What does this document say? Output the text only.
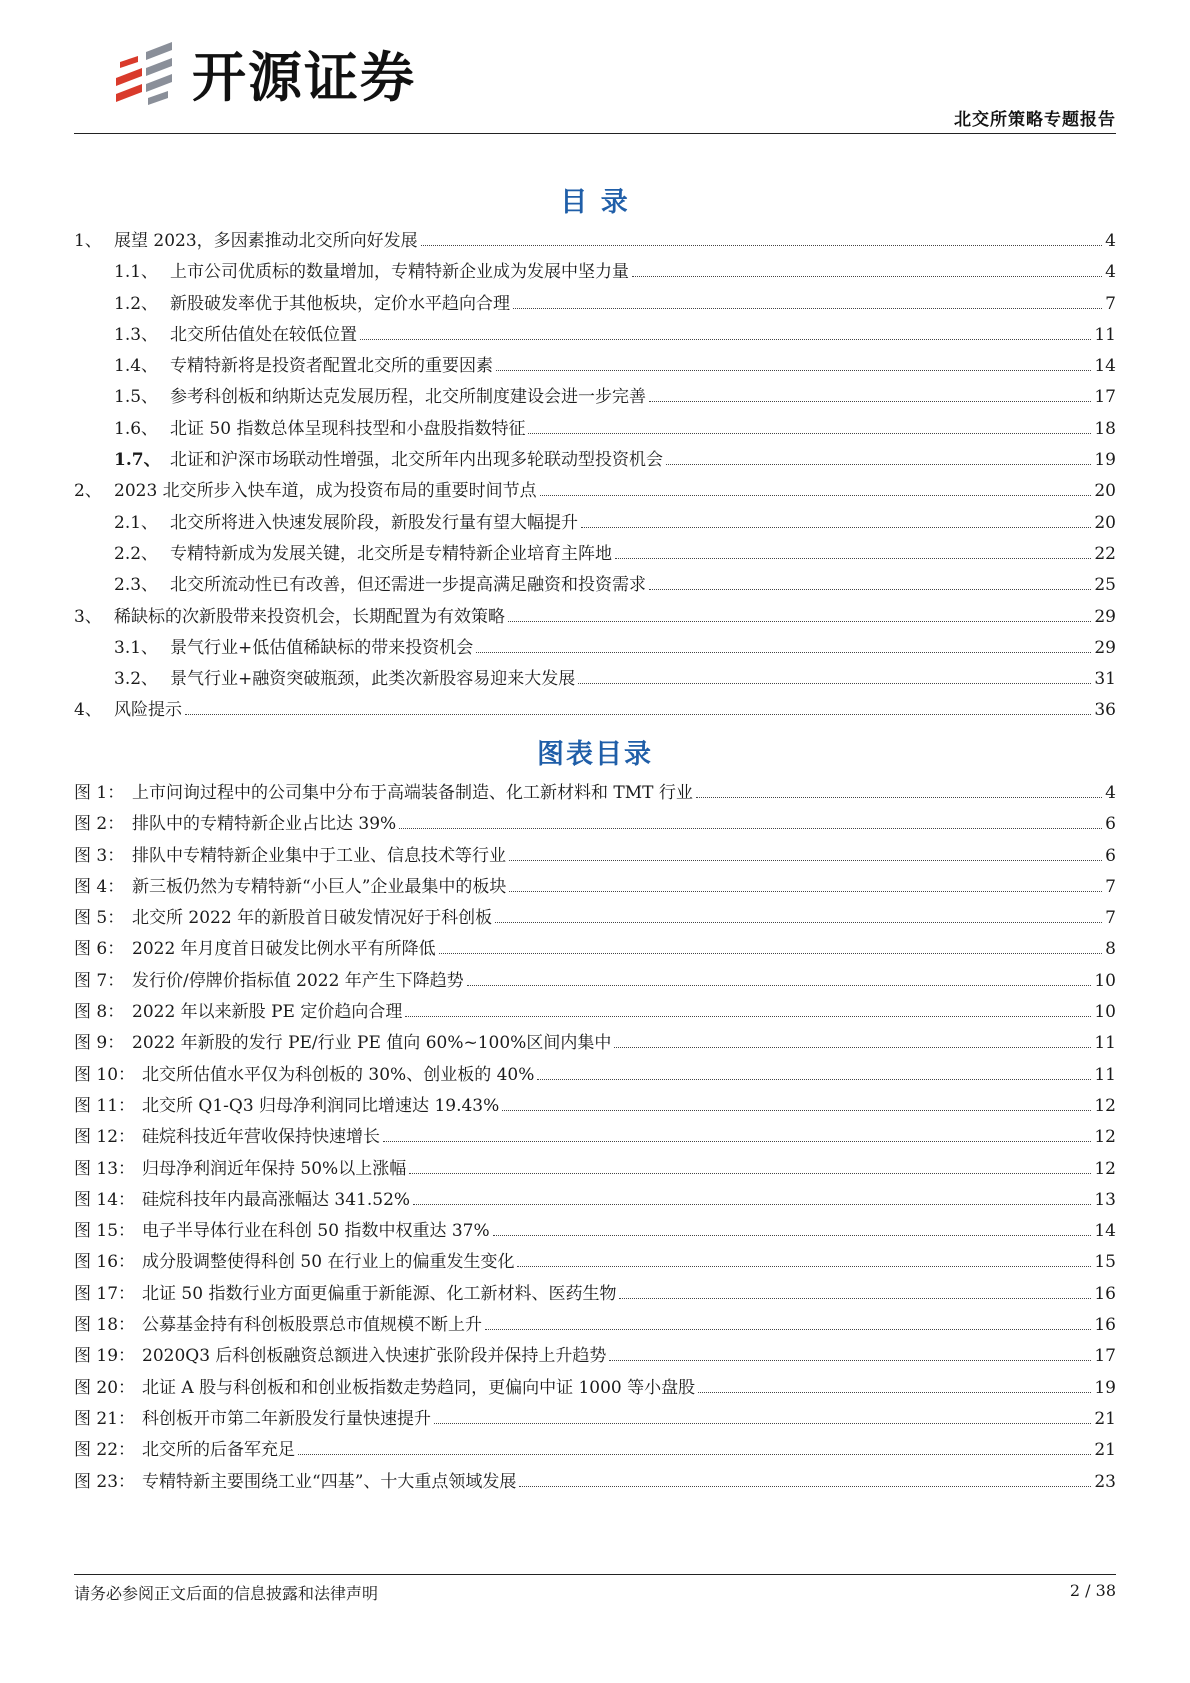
开源证券
北交所策略专题报告
目 录
1、 展望 2023，多因素推动北交所向好发展	4
1.1、 上市公司优质标的数量增加，专精特新企业成为发展中坚力量	4
1.2、 新股破发率优于其他板块，定价水平趋向合理	7
1.3、 北交所估值处在较低位置	11
1.4、 专精特新将是投资者配置北交所的重要因素	14
1.5、 参考科创板和纳斯达克发展历程，北交所制度建设会进一步完善	17
1.6、 北证 50 指数总体呈现科技型和小盘股指数特征	18
1.7、 北证和沪深市场联动性增强，北交所年内出现多轮联动型投资机会	19
2、 2023 北交所步入快车道，成为投资布局的重要时间节点	20
2.1、 北交所将进入快速发展阶段，新股发行量有望大幅提升	20
2.2、 专精特新成为发展关键，北交所是专精特新企业培育主阵地	22
2.3、 北交所流动性已有改善，但还需进一步提高满足融资和投资需求	25
3、 稀缺标的次新股带来投资机会，长期配置为有效策略	29
3.1、 景气行业+低估值稀缺标的带来投资机会	29
3.2、 景气行业+融资突破瓶颈，此类次新股容易迎来大发展	31
4、 风险提示	36
图表目录
图 1： 上市问询过程中的公司集中分布于高端装备制造、化工新材料和 TMT 行业	4
图 2： 排队中的专精特新企业占比达 39%	6
图 3： 排队中专精特新企业集中于工业、信息技术等行业	6
图 4： 新三板仍然为专精特新“小巨人”企业最集中的板块	7
图 5： 北交所 2022 年的新股首日破发情况好于科创板	7
图 6： 2022 年月度首日破发比例水平有所降低	8
图 7： 发行价/停牌价指标值 2022 年产生下降趋势	10
图 8： 2022 年以来新股 PE 定价趋向合理	10
图 9： 2022 年新股的发行 PE/行业 PE 值向 60%~100%区间内集中	11
图 10： 北交所估值水平仅为科创板的 30%、创业板的 40%	11
图 11： 北交所 Q1-Q3 归母净利润同比增速达 19.43%	12
图 12： 硅烷科技近年营收保持快速增长	12
图 13： 归母净利润近年保持 50%以上涨幅	12
图 14： 硅烷科技年内最高涨幅达 341.52%	13
图 15： 电子半导体行业在科创 50 指数中权重达 37%	14
图 16： 成分股调整使得科创 50 在行业上的偏重发生变化	15
图 17： 北证 50 指数行业方面更偏重于新能源、化工新材料、医药生物	16
图 18： 公募基金持有科创板股票总市值规模不断上升	16
图 19： 2020Q3 后科创板融资总额进入快速扩张阶段并保持上升趋势	17
图 20： 北证 A 股与科创板和和创业板指数走势趋同，更偏向中证 1000 等小盘股	19
图 21： 科创板开市第二年新股发行量快速提升	21
图 22： 北交所的后备军充足	21
图 23： 专精特新主要围绕工业“四基”、十大重点领域发展	23
请务必参阅正文后面的信息披露和法律声明	2 / 38
